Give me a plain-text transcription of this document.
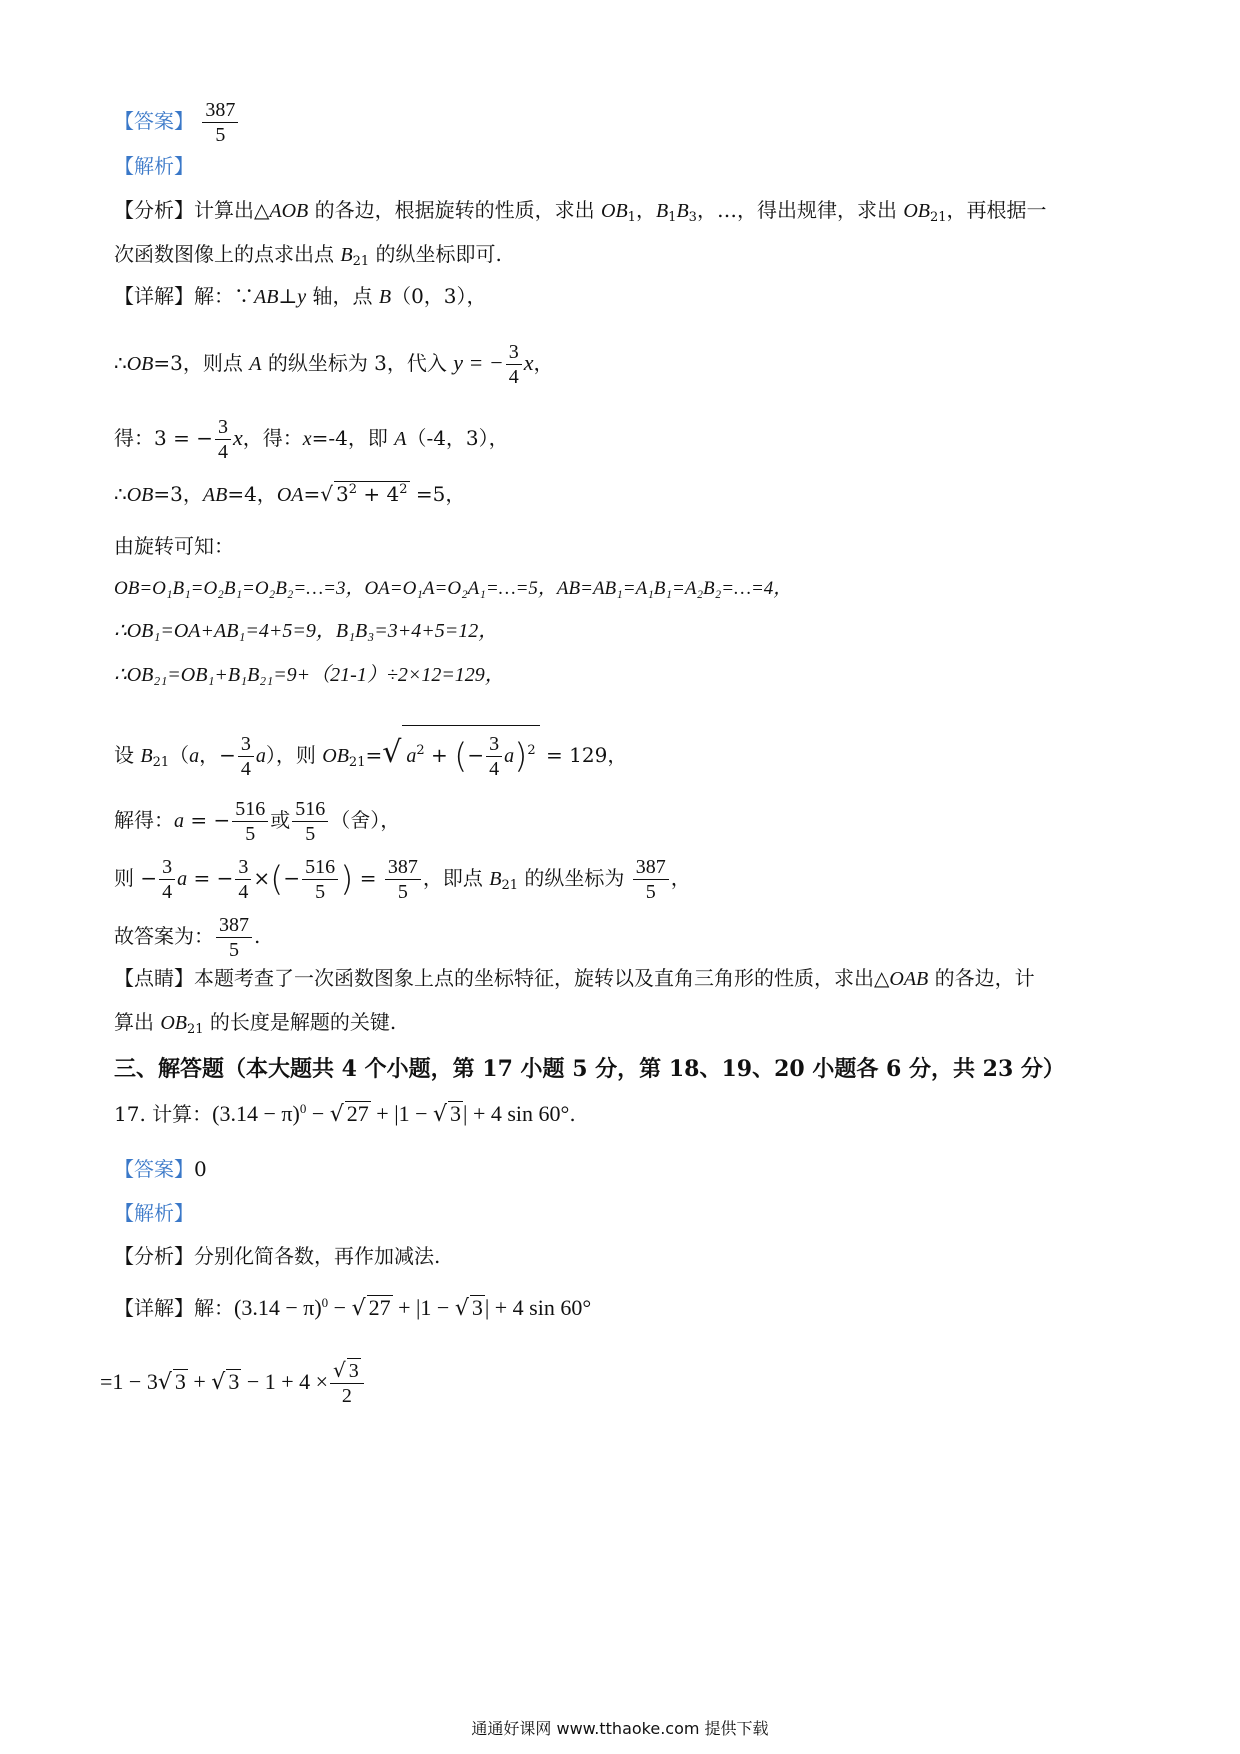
【答案】 $\frac{387}{5}$
【解析】
【分析】计算出△AOB 的各边，根据旋转的性质，求出 $OB_1$，$B_1B_3$，…，得出规律，求出 $OB_{21}$，再根据一
次函数图像上的点求出点 $B_{21}$ 的纵坐标即可.
【详解】解：∵AB⊥y 轴，点 B（0，3），
∴OB=3，则点 A 的纵坐标为 3，代入 y = − $\frac{3}{4}$ x，
得：3 = − $\frac{3}{4}$ x，得：x=-4，即 A（-4，3），
∴OB=3，AB=4，OA=√ $3^2 + 4^2 =5$，
由旋转可知：
OB=O₁B₁=O₂B₁=O₂B₂=…=3，OA=O₁A=O₂A₁=…=5，AB=AB₁=A₁B₁=A₂B₂=…=4，
∴OB₁=OA+AB₁=4+5=9，B₁B₃=3+4+5=12，
∴OB₂₁=OB₁+B₁B₂₁=9+（21-1）÷2×12=129，
设 $B_{21}(a$，− $\frac{3}{4} a$），则 $OB_{21}=√$ $a^2$ + (− $\frac{3}{4} a)^2 = 129$，
解得：a = − $\frac{516}{5}$ 或 $\frac{516}{5}$ （舍），
则 − $\frac{3}{4}$ a = − $\frac{3}{4}$ ×(− $\frac{516}{5}$ ) = $\frac{387}{5}$ ，即点 $B_{21}$ 的纵坐标为 $\frac{387}{5}$ ，
故答案为： $\frac{387}{5}$ .
【点睛】本题考查了一次函数图象上点的坐标特征，旋转以及直角三角形的性质，求出△OAB 的各边，计
算出 $OB_{21}$ 的长度是解题的关键.
三、解答题（本大题共 4 个小题，第 17 小题 5 分，第 18、19、20 小题各 6 分，共 23 分）
17. 计算：$(3.14 - \pi)^0$ − √ 27 + |1 − √ 3| + 4 sin 60°.
【答案】0
【解析】
【分析】分别化简各数，再作加减法.
【详解】解：$(3.14 - \pi)^0$ − √ 27 + |1 − √ 3| + 4 sin 60°
=1 − 3√ 3 + √ $3 - 1 + 4 \times \frac{√ 3}{2}$
通通好课网 www.tthaoke.com 提供下载
